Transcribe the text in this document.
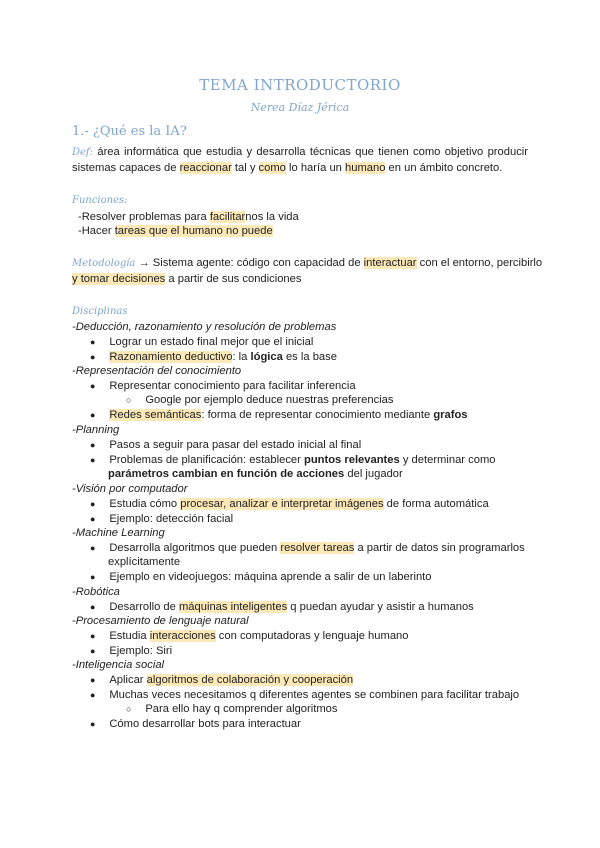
TEMA INTRODUCTORIO
Nerea Díaz Jérica
1.- ¿Qué es la IA?
Def: área informática que estudia y desarrolla técnicas que tienen como objetivo producir
sistemas capaces de reaccionar tal y como lo haría un humano en un ámbito concreto.
Funciones:
-Resolver problemas para facilitarnos la vida
-Hacer tareas que el humano no puede
Metodología → Sistema agente: código con capacidad de interactuar con el entorno, percibirlo
y tomar decisiones a partir de sus condiciones
Disciplinas
-Deducción, razonamiento y resolución de problemas
● Lograr un estado final mejor que el inicial
● Razonamiento deductivo: la lógica es la base
-Representación del conocimiento
● Representar conocimiento para facilitar inferencia
○ Google por ejemplo deduce nuestras preferencias
● Redes semánticas: forma de representar conocimiento mediante grafos
-Planning
● Pasos a seguir para pasar del estado inicial al final
● Problemas de planificación: establecer puntos relevantes y determinar como
parámetros cambian en función de acciones del jugador
-Visión por computador
● Estudia cómo procesar, analizar e interpretar imágenes de forma automática
● Ejemplo: detección facial
-Machine Learning
● Desarrolla algoritmos que pueden resolver tareas a partir de datos sin programarlos
explícitamente
● Ejemplo en videojuegos: máquina aprende a salir de un laberinto
-Robótica
● Desarrollo de máquinas inteligentes q puedan ayudar y asistir a humanos
-Procesamiento de lenguaje natural
● Estudia interacciones con computadoras y lenguaje humano
● Ejemplo: Siri
-Inteligencia social
● Aplicar algoritmos de colaboración y cooperación
● Muchas veces necesitamos q diferentes agentes se combinen para facilitar trabajo
○ Para ello hay q comprender algoritmos
● Cómo desarrollar bots para interactuar
